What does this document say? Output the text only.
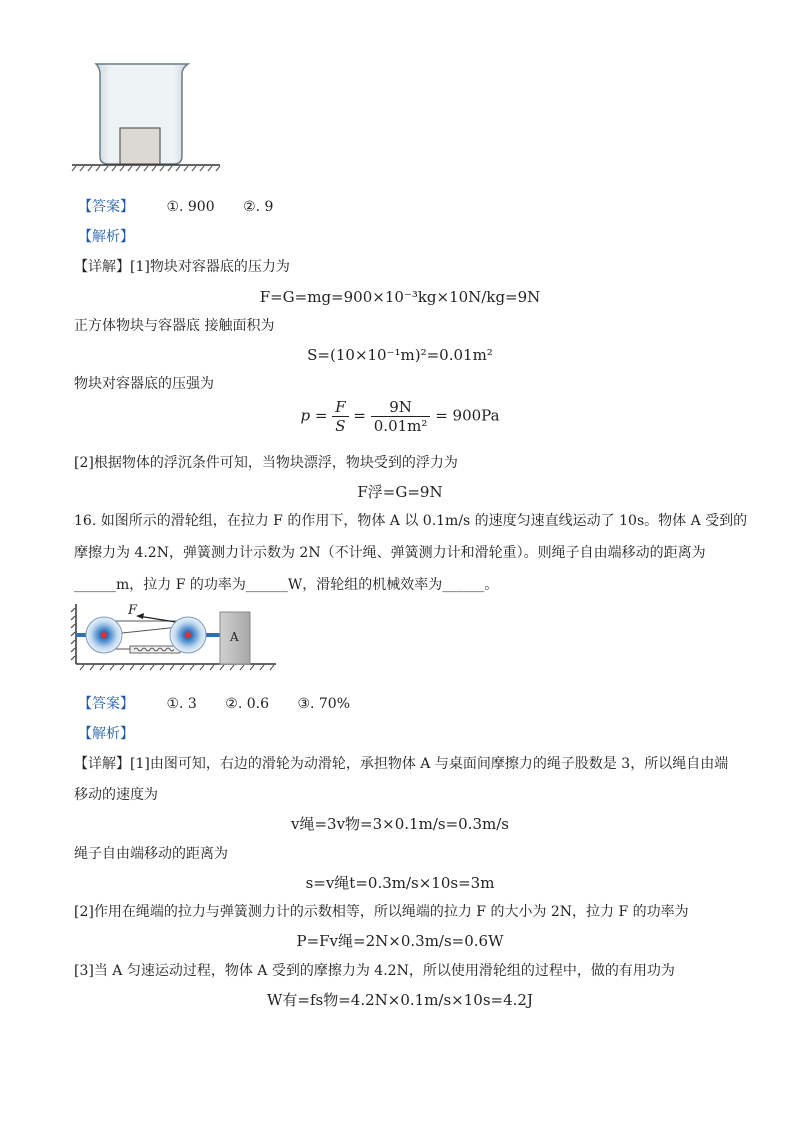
【答案】 ①. 900 ②. 9
【解析】
【详解】[1]物块对容器底的压力为
F=G=mg=900×10⁻³kg×10N/kg=9N
正方体物块与容器底 接触面积为
S=(10×10⁻¹m)²=0.01m²
物块对容器底的压强为
$p = \frac{F}{S} = \frac{9N}{\text{0.01m²}} = 900Pa$
[2]根据物体的浮沉条件可知，当物块漂浮，物块受到的浮力为
F浮=G=9N
16. 如图所示的滑轮组，在拉力 F 的作用下，物体 A 以 0.1m/s 的速度匀速直线运动了 10s。物体 A 受到的
摩擦力为 4.2N，弹簧测力计示数为 2N（不计绳、弹簧测力计和滑轮重）。则绳子自由端移动的距离为
______m，拉力 F 的功率为______W，滑轮组的机械效率为______。
A
F
【答案】 ①. 3 ②. 0.6 ③. 70%
【解析】
【详解】[1]由图可知，右边的滑轮为动滑轮，承担物体 A 与桌面间摩擦力的绳子股数是 3，所以绳自由端
移动的速度为
v绳=3v物=3×0.1m/s=0.3m/s
绳子自由端移动的距离为
s=v绳t=0.3m/s×10s=3m
[2]作用在绳端的拉力与弹簧测力计的示数相等，所以绳端的拉力 F 的大小为 2N，拉力 F 的功率为
P=Fv绳=2N×0.3m/s=0.6W
[3]当 A 匀速运动过程，物体 A 受到的摩擦力为 4.2N，所以使用滑轮组的过程中，做的有用功为
W有=fs物=4.2N×0.1m/s×10s=4.2J
